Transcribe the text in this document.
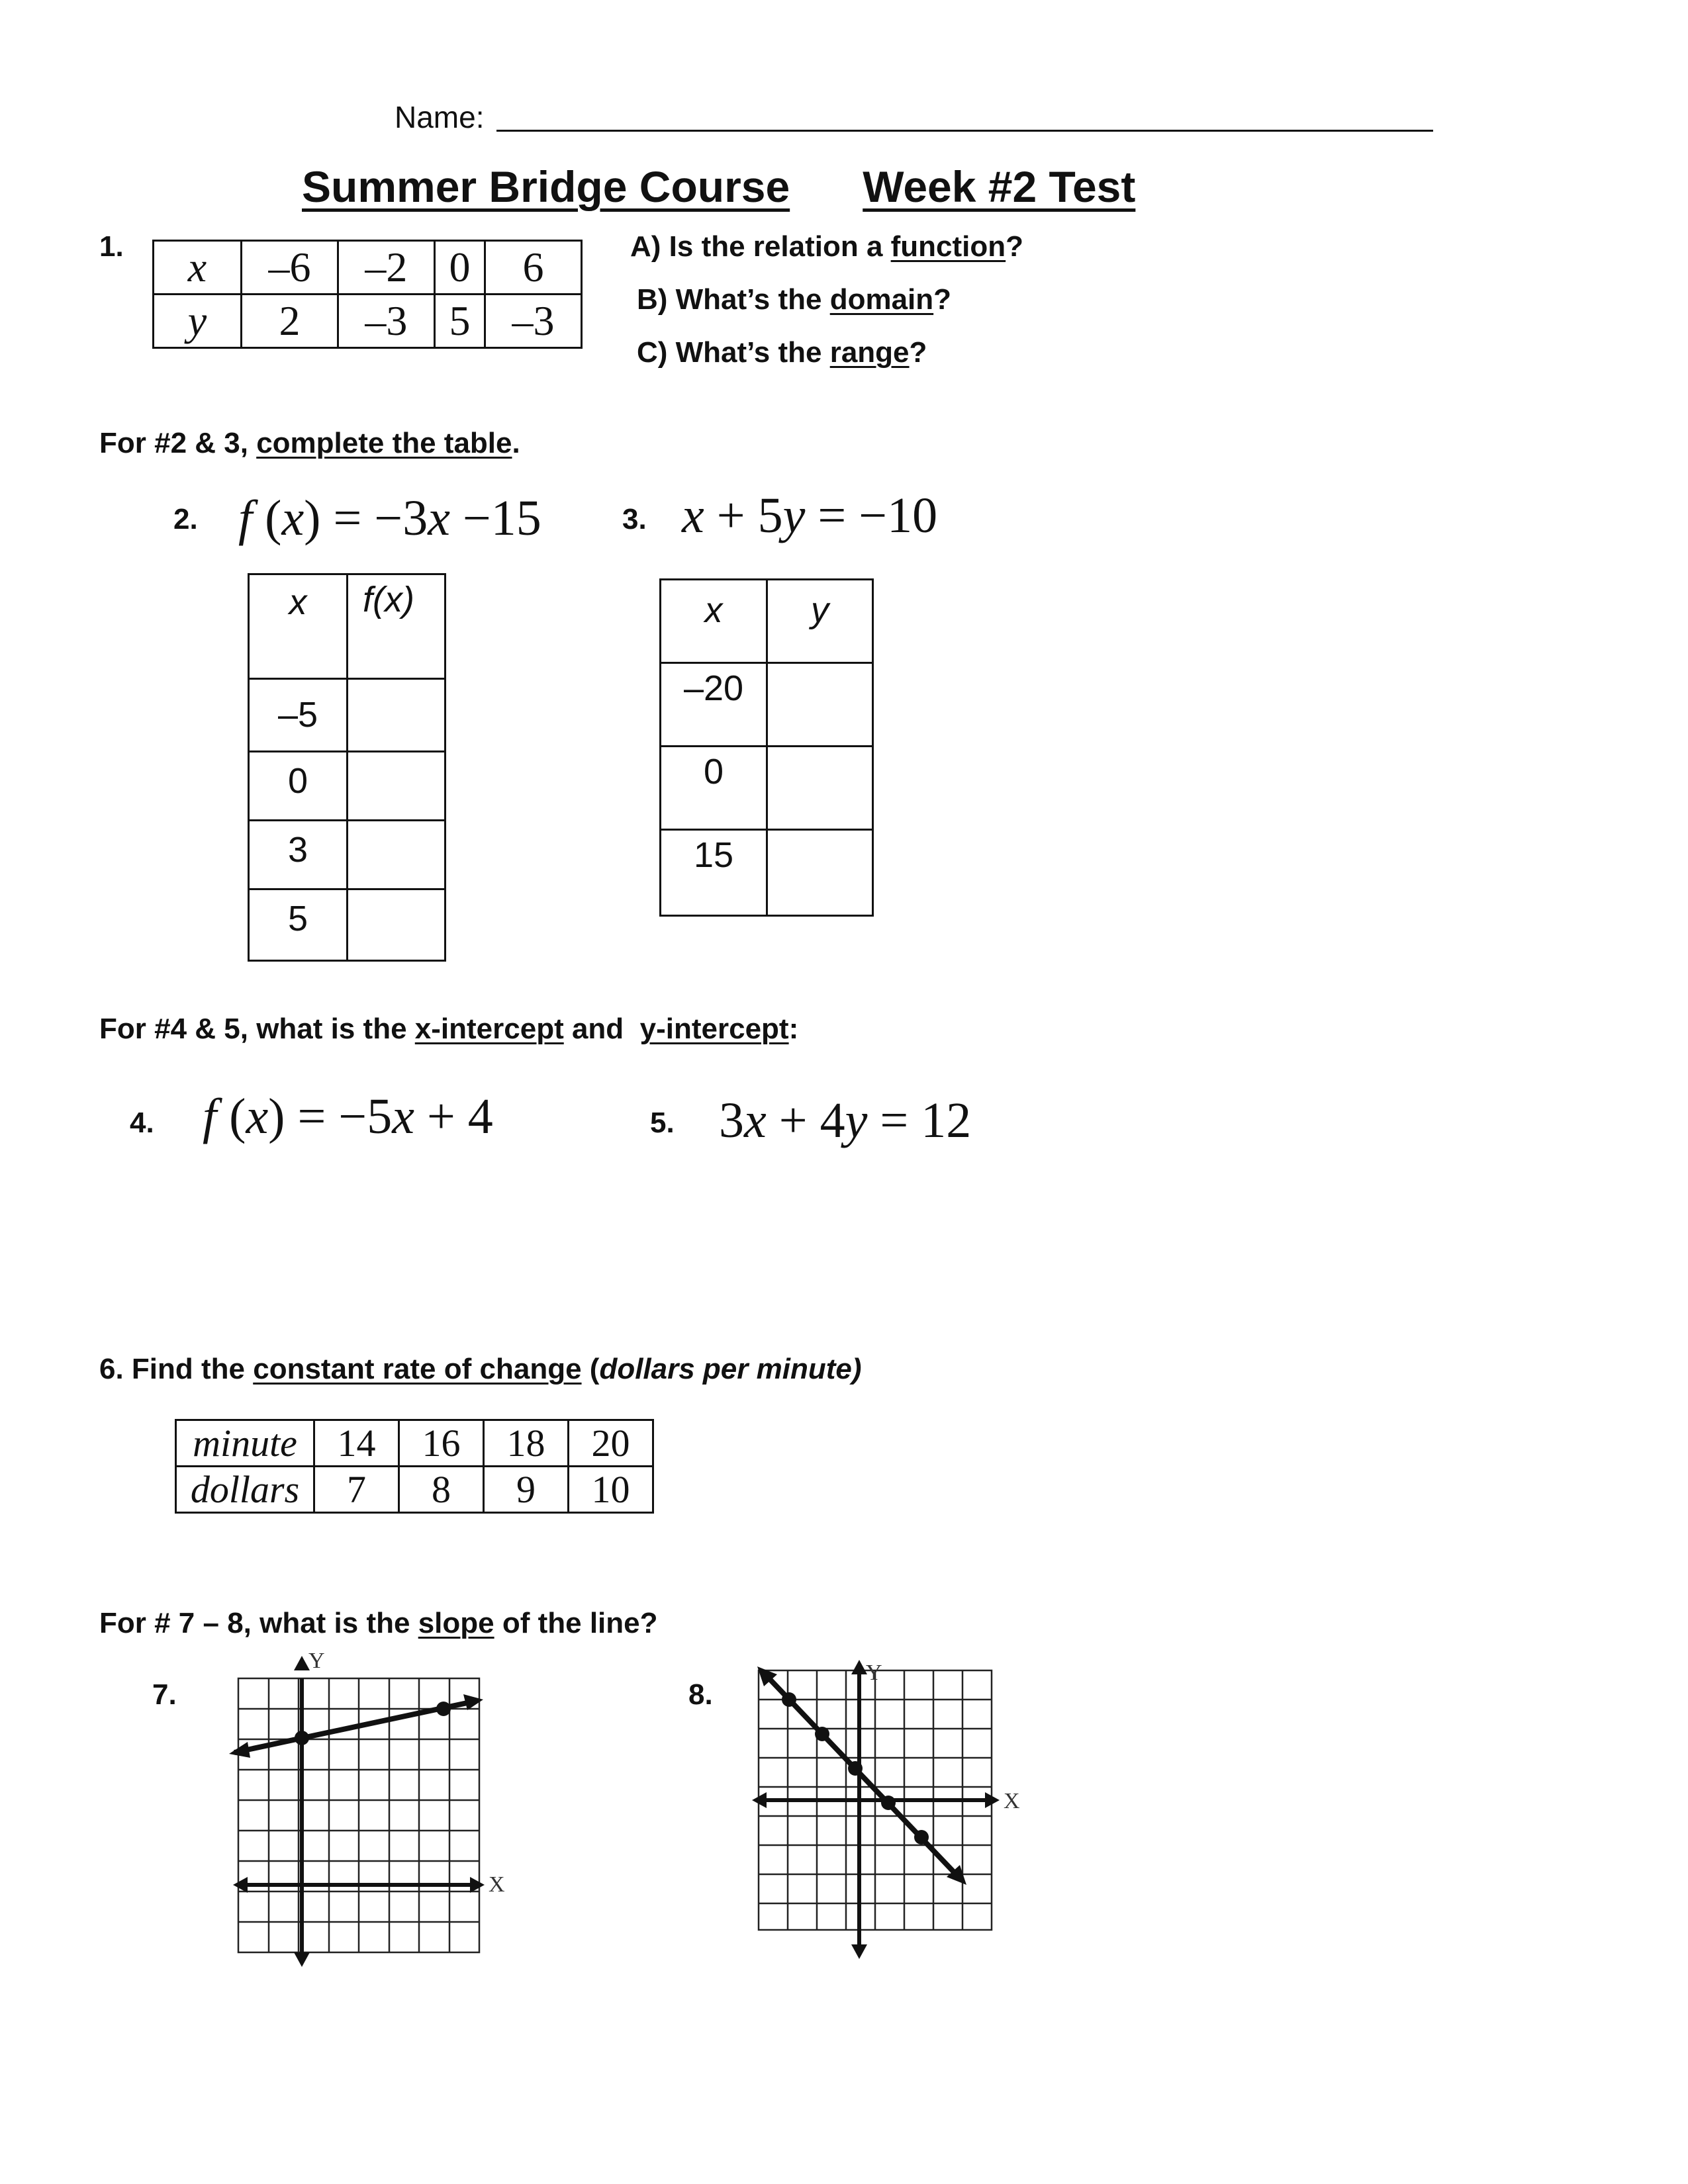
Name:
Summer Bridge Course Week #2 Test
1. x	–6	–2	0	6
y	2	–3	5	–3
A) Is the relation a function?
B) What’s the domain?
C) What’s the range?
For #2 & 3, complete the table.
2. f (x) = −3x −15
x	f(x)
–5	
0	
3	
5	
3. x + 5y = −10
x	y
–20	
0	
15	
For #4 & 5, what is the x-intercept and  y-intercept:
4. f (x) = −5x + 4	5. 3x + 4y = 12
6. Find the constant rate of change (dollars per minute)
minute	14	16	18	20
dollars	7	8	9	10
For # 7 – 8, what is the slope of the line?
7.
Y
X
8.
Y
X
